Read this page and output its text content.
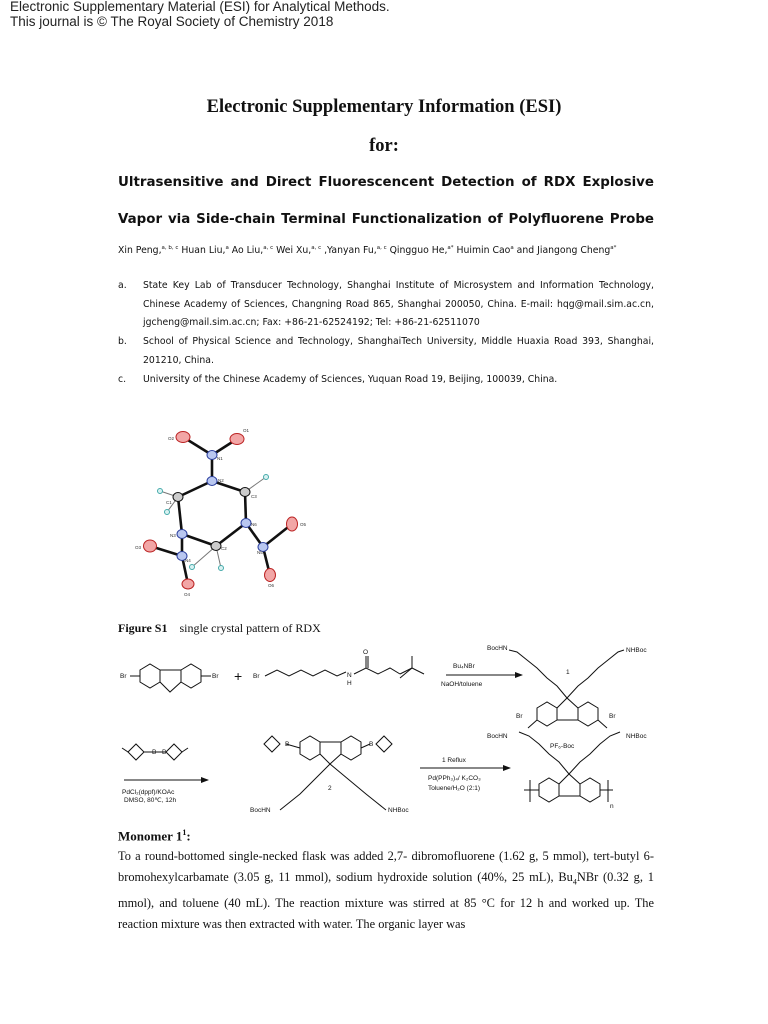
Electronic Supplementary Material (ESI) for Analytical Methods.
This journal is © The Royal Society of Chemistry 2018
Electronic Supplementary Information (ESI)
for:
Ultrasensitive and Direct Fluorescencent Detection of RDX Explosive
Vapor via Side-chain Terminal Functionalization of Polyfluorene Probe
Xin Peng,$^{a, b, c}$ Huan Liu,$^a$ Ao Liu,$^{a, c}$ Wei Xu,$^{a, c}$ ,Yanyan Fu,$^{a, c}$ Qingguo He,$^{a*}$ Huimin Cao$^a$ and Jiangong Cheng$^{a*}$
a. State Key Lab of Transducer Technology, Shanghai Institute of Microsystem and Information Technology, Chinese Academy of Sciences, Changning Road 865, Shanghai 200050, China. E-mail: hqg@mail.sim.ac.cn, jgcheng@mail.sim.ac.cn; Fax: +86-21-62524192; Tel: +86-21-62511070
b. School of Physical Science and Technology, ShanghaiTech University, Middle Huaxia Road 393, Shanghai, 201210, China.
c. University of the Chinese Academy of Sciences, Yuquan Road 19, Beijing, 100039, China.
O2
O1
N1
N2
C3
C1
N3
N6	O5
C2
N5
O3
N4
O4
O6
Figure S1 single crystal pattern of RDX
Br	Br + Br	N
H
O
Bu₄NBr
NaOH/toluene
1
BocHN	NHBoc
Br	Br
B B
PdCl₂(dppf)/KOAc
DMSO, 80℃, 12h
B	B
2
BocHN	NHBoc
1 Reflux
Pd(PPh₃)₄/ K₂CO₃
Toluene/H₂O (2:1)
BocHN	NHBoc
PF₆-Boc
n
Monomer $1^1$:
To a round-bottomed single-necked flask was added 2,7- dibromofluorene (1.62 g, 5 mmol), tert-butyl 6-bromohexylcarbamate (3.05 g, 11 mmol), sodium hydroxide solution (40%, 25 mL), $Bu_4NBr$ (0.32 g, 1 mmol), and toluene (40 mL). The reaction mixture was stirred at 85 °C for 12 h and worked up. The reaction mixture was then extracted with water. The organic layer was
